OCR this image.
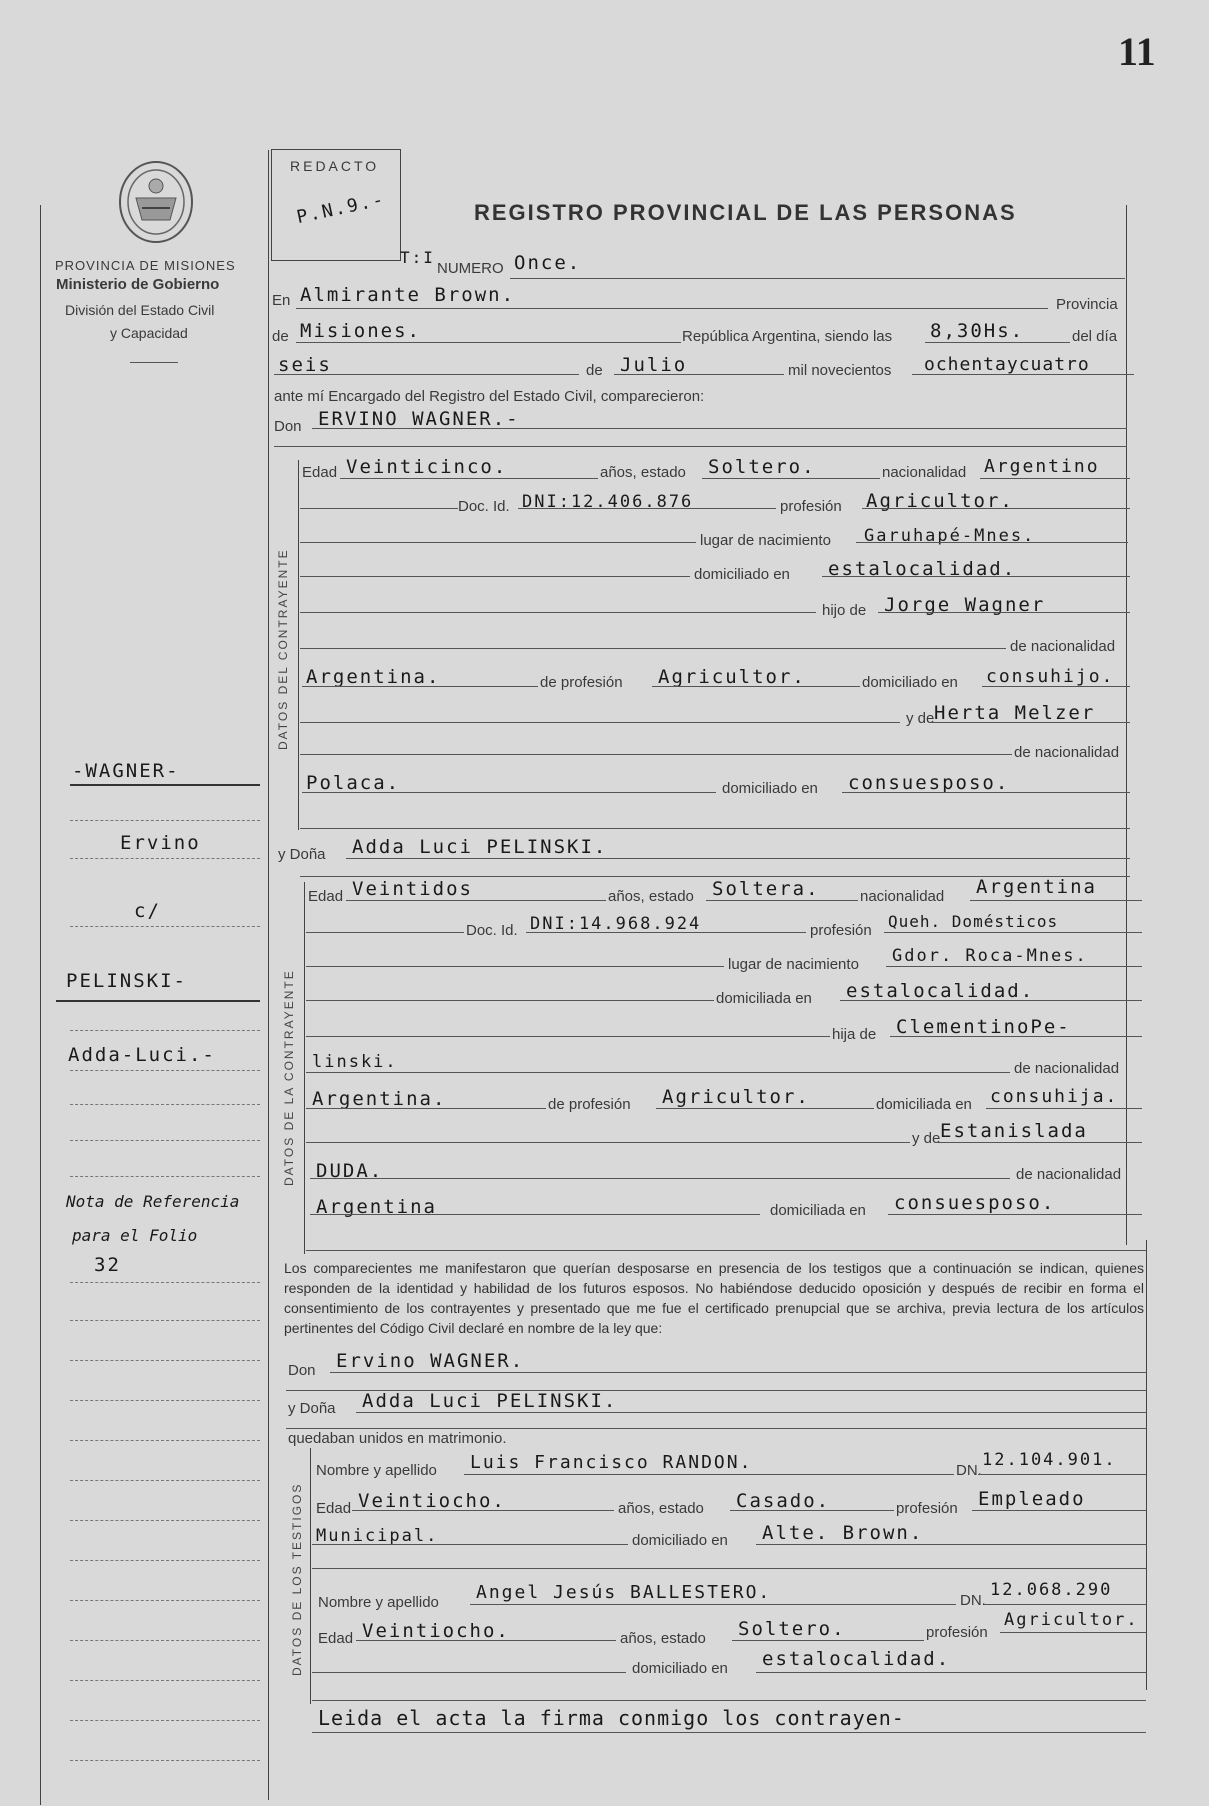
11
PROVINCIA DE MISIONES
Ministerio de Gobierno
División del Estado Civil
y Capacidad
REDACTO
P.N.9.-	REGISTRO PROVINCIAL DE LAS PERSONAS
T:I
NUMERO Once.
En Almirante Brown.	Provincia
de Misiones.	República Argentina, siendo las 8,30Hs.	del día
seis	de Julio	mil novecientos ochentaycuatro
ante mí Encargado del Registro del Estado Civil, comparecieron:
Don ERVINO WAGNER.-
DATOS DEL CONTRAYENTE
Edad Veinticinco.	años, estado Soltero.	nacionalidad Argentino
Doc. Id. DNI:12.406.876	profesión Agricultor.
lugar de nacimiento Garuhapé-Mnes.
domiciliado en estalocalidad.
hijo de Jorge Wagner
de nacionalidad
Argentina.	de profesión Agricultor.	domiciliado en consuhijo.
y de Herta Melzer
de nacionalidad
Polaca.	domiciliado en consuesposo.
y Doña Adda Luci PELINSKI.
DATOS DE LA CONTRAYENTE
Edad Veintidos	años, estado Soltera.	nacionalidad Argentina
Doc. Id. DNI:14.968.924	profesión Queh. Domésticos
lugar de nacimiento Gdor. Roca-Mnes.
domiciliada en estalocalidad.
hija de ClementinoPe-
linski.	de nacionalidad
Argentina.	de profesión Agricultor.	domiciliada en consuhija.
y de Estanislada
DUDA.	de nacionalidad
Argentina	domiciliada en consuesposo.
Los comparecientes me manifestaron que querían desposarse en presencia de los testigos que a continuación se indican, quienes responden de la identidad y habilidad de los futuros esposos. No habiéndose deducido oposición y después de recibir en forma el consentimiento de los contrayentes y presentado que me fue el certificado prenupcial que se archiva, previa lectura de los artículos pertinentes del Código Civil declaré en nombre de la ley que:
Don Ervino WAGNER.
y Doña Adda Luci PELINSKI.
quedaban unidos en matrimonio.
DATOS DE LOS TESTIGOS
Nombre y apellido Luis Francisco RANDON.	DN.
12.104.901.
Edad Veintiocho.	años, estado Casado.	profesión Empleado
Municipal.	domiciliado en Alte. Brown.
Nombre y apellido Angel Jesús BALLESTERO.	DN.
12.068.290
Edad Veintiocho.	años, estado Soltero.	profesión
Agricultor.
domiciliado en estalocalidad.
Leida el acta la firma conmigo los contrayen-
-WAGNER-
Ervino
c/
PELINSKI-
Adda-Luci.-
Nota de Referencia
para el Folio
32
